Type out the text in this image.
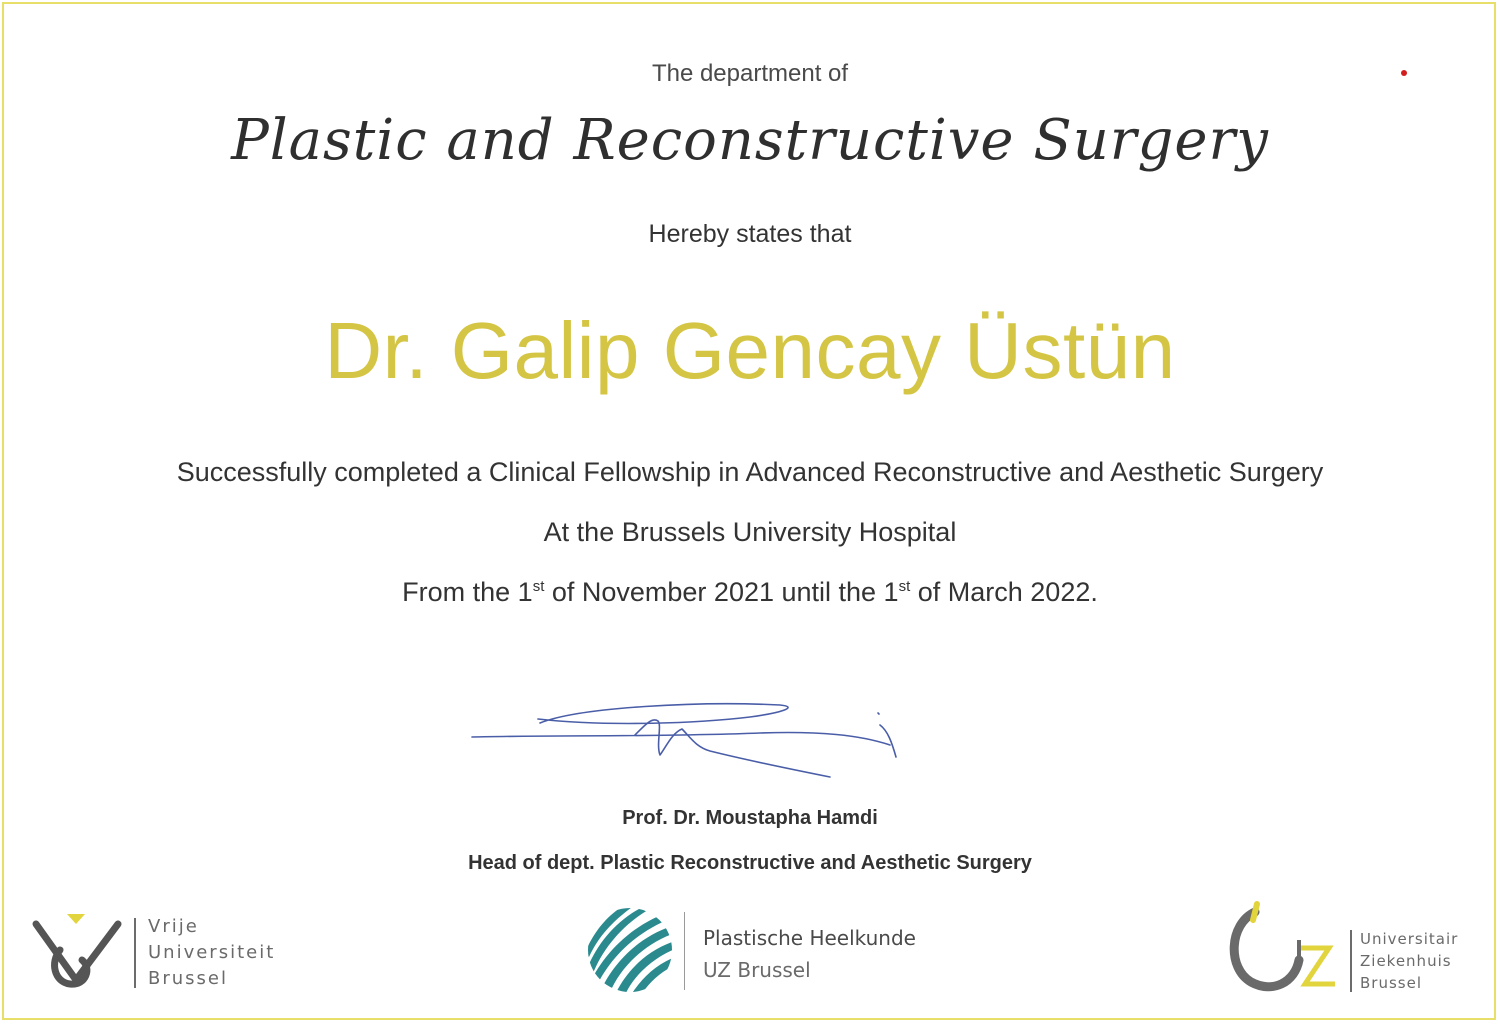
The department of
Plastic and Reconstructive Surgery
Hereby states that
Dr. Galip Gencay Üstün
Successfully completed a Clinical Fellowship in Advanced Reconstructive and Aesthetic Surgery
At the Brussels University Hospital
From the 1st of November 2021 until the 1st of March 2022.
Prof. Dr. Moustapha Hamdi
Head of dept. Plastic Reconstructive and Aesthetic Surgery
Vrije
Universiteit
Brussel
Plastische Heelkunde
UZ Brussel
Universitair
Ziekenhuis
Brussel
